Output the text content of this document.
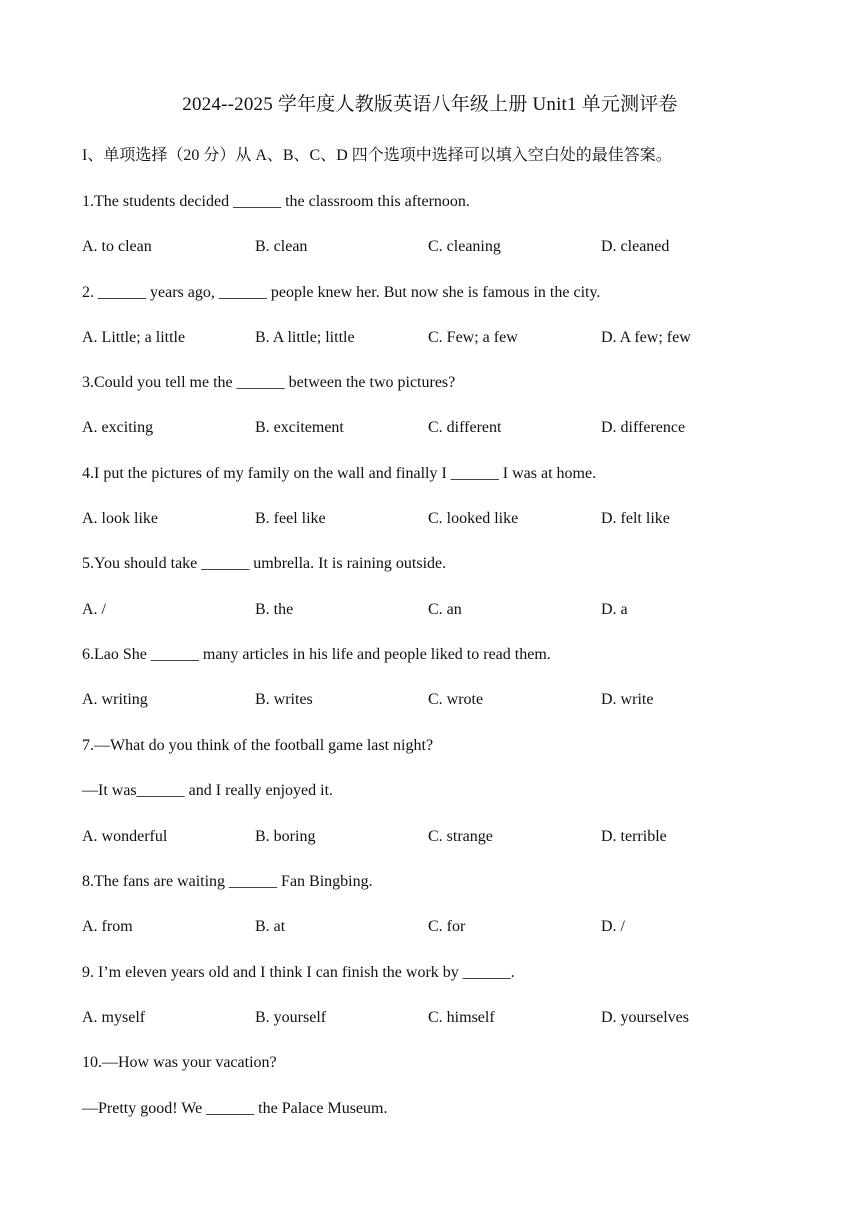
2024--2025 学年度人教版英语八年级上册 Unit1 单元测评卷
I、单项选择（20 分）从 A、B、C、D 四个选项中选择可以填入空白处的最佳答案。
1.The students decided ______ the classroom this afternoon.
A. to clean	B. clean	C. cleaning	D. cleaned
2. ______ years ago, ______ people knew her. But now she is famous in the city.
A. Little; a little	B. A little; little	C. Few; a few	D. A few; few
3.Could you tell me the ______ between the two pictures?
A. exciting	B. excitement	C. different	D. difference
4.I put the pictures of my family on the wall and finally I ______ I was at home.
A. look like	B. feel like	C. looked like	D. felt like
5.You should take ______ umbrella. It is raining outside.
A. /	B. the	C. an	D. a
6.Lao She ______ many articles in his life and people liked to read them.
A. writing	B. writes	C. wrote	D. write
7.—What do you think of the football game last night?
—It was______ and I really enjoyed it.
A. wonderful	B. boring	C. strange	D. terrible
8.The fans are waiting ______ Fan Bingbing.
A. from	B. at	C. for	D. /
9. I’m eleven years old and I think I can finish the work by ______.
A. myself	B. yourself	C. himself	D. yourselves
10.—How was your vacation?
—Pretty good! We ______ the Palace Museum.
